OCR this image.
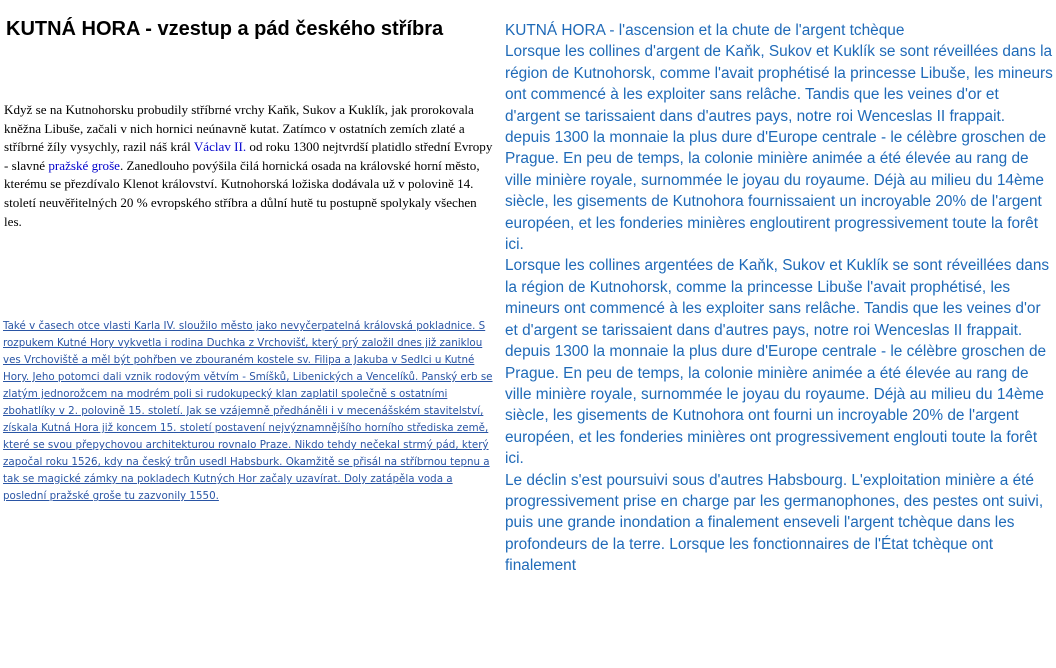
KUTNÁ HORA - vzestup a pád českého stříbra

Když se na Kutnohorsku probudily stříbrné vrchy Kaňk, Sukov a Kuklík, jak prorokovala kněžna Libuše, začali v nich hornici neúnavně kutat. Zatímco v ostatních zemích zlaté a stříbrné žíly vysychly, razil náš král Václav II. od roku 1300 nejtvrdší platidlo střední Evropy - slavné pražské groše. Zanedlouho povýšila čilá hornická osada na královské horní město, kterému se přezdívalo Klenot království. Kutnohorská ložiska dodávala už v polovině 14. století neuvěřitelných 20 % evropského stříbra a důlní hutě tu postupně spolykaly všechen les.

Také v časech otce vlasti Karla IV. sloužilo město jako nevyčerpatelná královská pokladnice. S rozpukem Kutné Hory vykvetla i rodina Duchka z Vrchovišť, který prý založil dnes již zaniklou ves Vrchoviště a měl být pohřben ve zbouraném kostele sv. Filipa a Jakuba v Sedlci u Kutné Hory. Jeho potomci dali vznik rodovým větvím - Smíšků, Libenických a Vencelíků. Panský erb se zlatým jednorožcem na modrém poli si rudokupecký klan zaplatil společně s ostatními zbohatlíky v 2. polovině 15. století. Jak se vzájemně předháněli i v mecenášském stavitelství, získala Kutná Hora již koncem 15. století postavení nejvýznamnějšího horního střediska země, které se svou přepychovou architekturou rovnalo Praze. Nikdo tehdy nečekal strmý pád, který započal roku 1526, kdy na český trůn usedl Habsburk. Okamžitě se přisál na stříbrnou tepnu a tak se magické zámky na pokladech Kutných Hor začaly uzavírat. Doly zatápěla voda a poslední pražské groše tu zazvonily 1550.

KUTNÁ HORA - l'ascension et la chute de l'argent tchèque

Lorsque les collines d'argent de Kaňk, Sukov et Kuklík se sont réveillées dans la région de Kutnohorsk, comme l'avait prophétisé la princesse Libuše, les mineurs ont commencé à les exploiter sans relâche. Tandis que les veines d'or et d'argent se tarissaient dans d'autres pays, notre roi Wenceslas II frappait. depuis 1300 la monnaie la plus dure d'Europe centrale - le célèbre groschen de Prague. En peu de temps, la colonie minière animée a été élevée au rang de ville minière royale, surnommée le joyau du royaume. Déjà au milieu du 14ème siècle, les gisements de Kutnohora fournissaient un incroyable 20% de l'argent européen, et les fonderies minières engloutirent progressivement toute la forêt ici.

Lorsque les collines argentées de Kaňk, Sukov et Kuklík se sont réveillées dans la région de Kutnohorsk, comme la princesse Libuše l'avait prophétisé, les mineurs ont commencé à les exploiter sans relâche. Tandis que les veines d'or et d'argent se tarissaient dans d'autres pays, notre roi Wenceslas II frappait. depuis 1300 la monnaie la plus dure d'Europe centrale - le célèbre groschen de Prague. En peu de temps, la colonie minière animée a été élevée au rang de ville minière royale, surnommée le joyau du royaume. Déjà au milieu du 14ème siècle, les gisements de Kutnohora ont fourni un incroyable 20% de l'argent européen, et les fonderies minières ont progressivement englouti toute la forêt ici.

Le déclin s'est poursuivi sous d'autres Habsbourg. L'exploitation minière a été progressivement prise en charge par les germanophones, des pestes ont suivi, puis une grande inondation a finalement enseveli l'argent tchèque dans les profondeurs de la terre. Lorsque les fonctionnaires de l'État tchèque ont finalement
